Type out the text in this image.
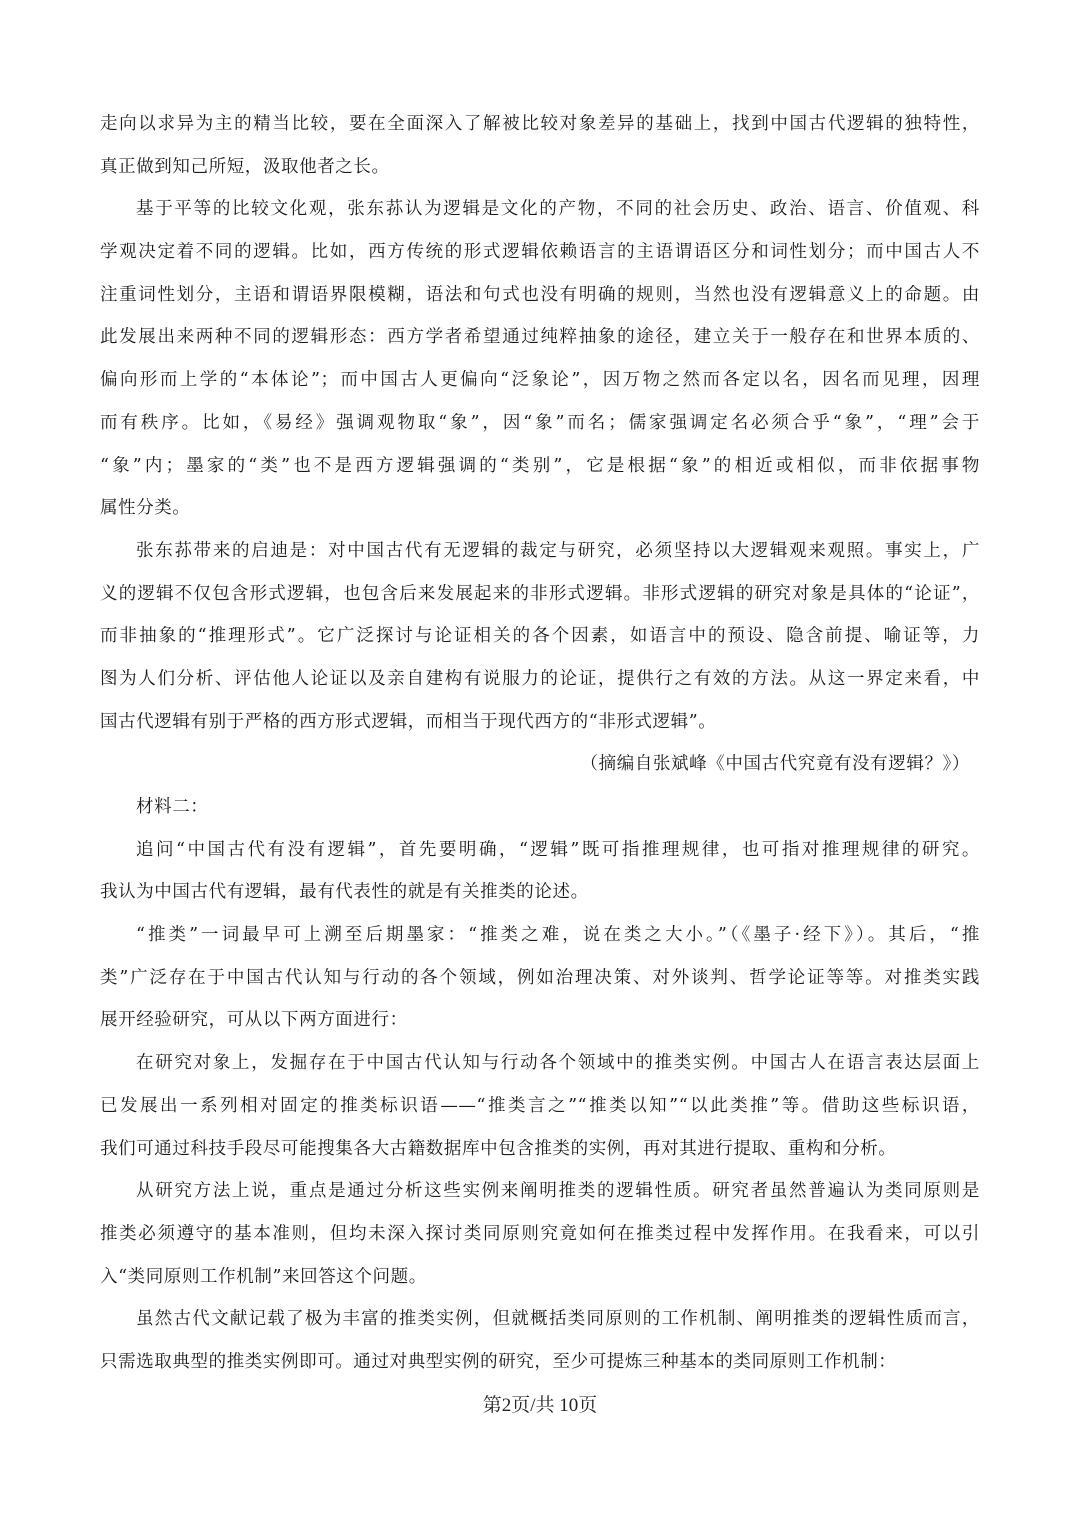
走向以求异为主的精当比较，要在全面深入了解被比较对象差异的基础上，找到中国古代逻辑的独特性，
真正做到知己所短，汲取他者之长。
基于平等的比较文化观，张东荪认为逻辑是文化的产物，不同的社会历史、政治、语言、价值观、科
学观决定着不同的逻辑。比如，西方传统的形式逻辑依赖语言的主语谓语区分和词性划分；而中国古人不
注重词性划分，主语和谓语界限模糊，语法和句式也没有明确的规则，当然也没有逻辑意义上的命题。由
此发展出来两种不同的逻辑形态：西方学者希望通过纯粹抽象的途径，建立关于一般存在和世界本质的、
偏向形而上学的“本体论”；而中国古人更偏向“泛象论”，因万物之然而各定以名，因名而见理，因理
而有秩序。比如，《易经》强调观物取“象”，因“象”而名；儒家强调定名必须合乎“象”，“理”会于
“象”内；墨家的“类”也不是西方逻辑强调的“类别”，它是根据“象”的相近或相似，而非依据事物
属性分类。
张东荪带来的启迪是：对中国古代有无逻辑的裁定与研究，必须坚持以大逻辑观来观照。事实上，广
义的逻辑不仅包含形式逻辑，也包含后来发展起来的非形式逻辑。非形式逻辑的研究对象是具体的“论证”，
而非抽象的“推理形式”。它广泛探讨与论证相关的各个因素，如语言中的预设、隐含前提、喻证等，力
图为人们分析、评估他人论证以及亲自建构有说服力的论证，提供行之有效的方法。从这一界定来看，中
国古代逻辑有别于严格的西方形式逻辑，而相当于现代西方的“非形式逻辑”。
（摘编自张斌峰《中国古代究竟有没有逻辑？》）
材料二：
追问“中国古代有没有逻辑”，首先要明确，“逻辑”既可指推理规律，也可指对推理规律的研究。
我认为中国古代有逻辑，最有代表性的就是有关推类的论述。
“推类”一词最早可上溯至后期墨家：“推类之难，说在类之大小。”（《墨子·经下》）。其后，“推
类”广泛存在于中国古代认知与行动的各个领域，例如治理决策、对外谈判、哲学论证等等。对推类实践
展开经验研究，可从以下两方面进行：
在研究对象上，发掘存在于中国古代认知与行动各个领域中的推类实例。中国古人在语言表达层面上
已发展出一系列相对固定的推类标识语——“推类言之”“推类以知”“以此类推”等。借助这些标识语，
我们可通过科技手段尽可能搜集各大古籍数据库中包含推类的实例，再对其进行提取、重构和分析。
从研究方法上说，重点是通过分析这些实例来阐明推类的逻辑性质。研究者虽然普遍认为类同原则是
推类必须遵守的基本准则，但均未深入探讨类同原则究竟如何在推类过程中发挥作用。在我看来，可以引
入“类同原则工作机制”来回答这个问题。
虽然古代文献记载了极为丰富的推类实例，但就概括类同原则的工作机制、阐明推类的逻辑性质而言，
只需选取典型的推类实例即可。通过对典型实例的研究，至少可提炼三种基本的类同原则工作机制：
第2页/共 10页
